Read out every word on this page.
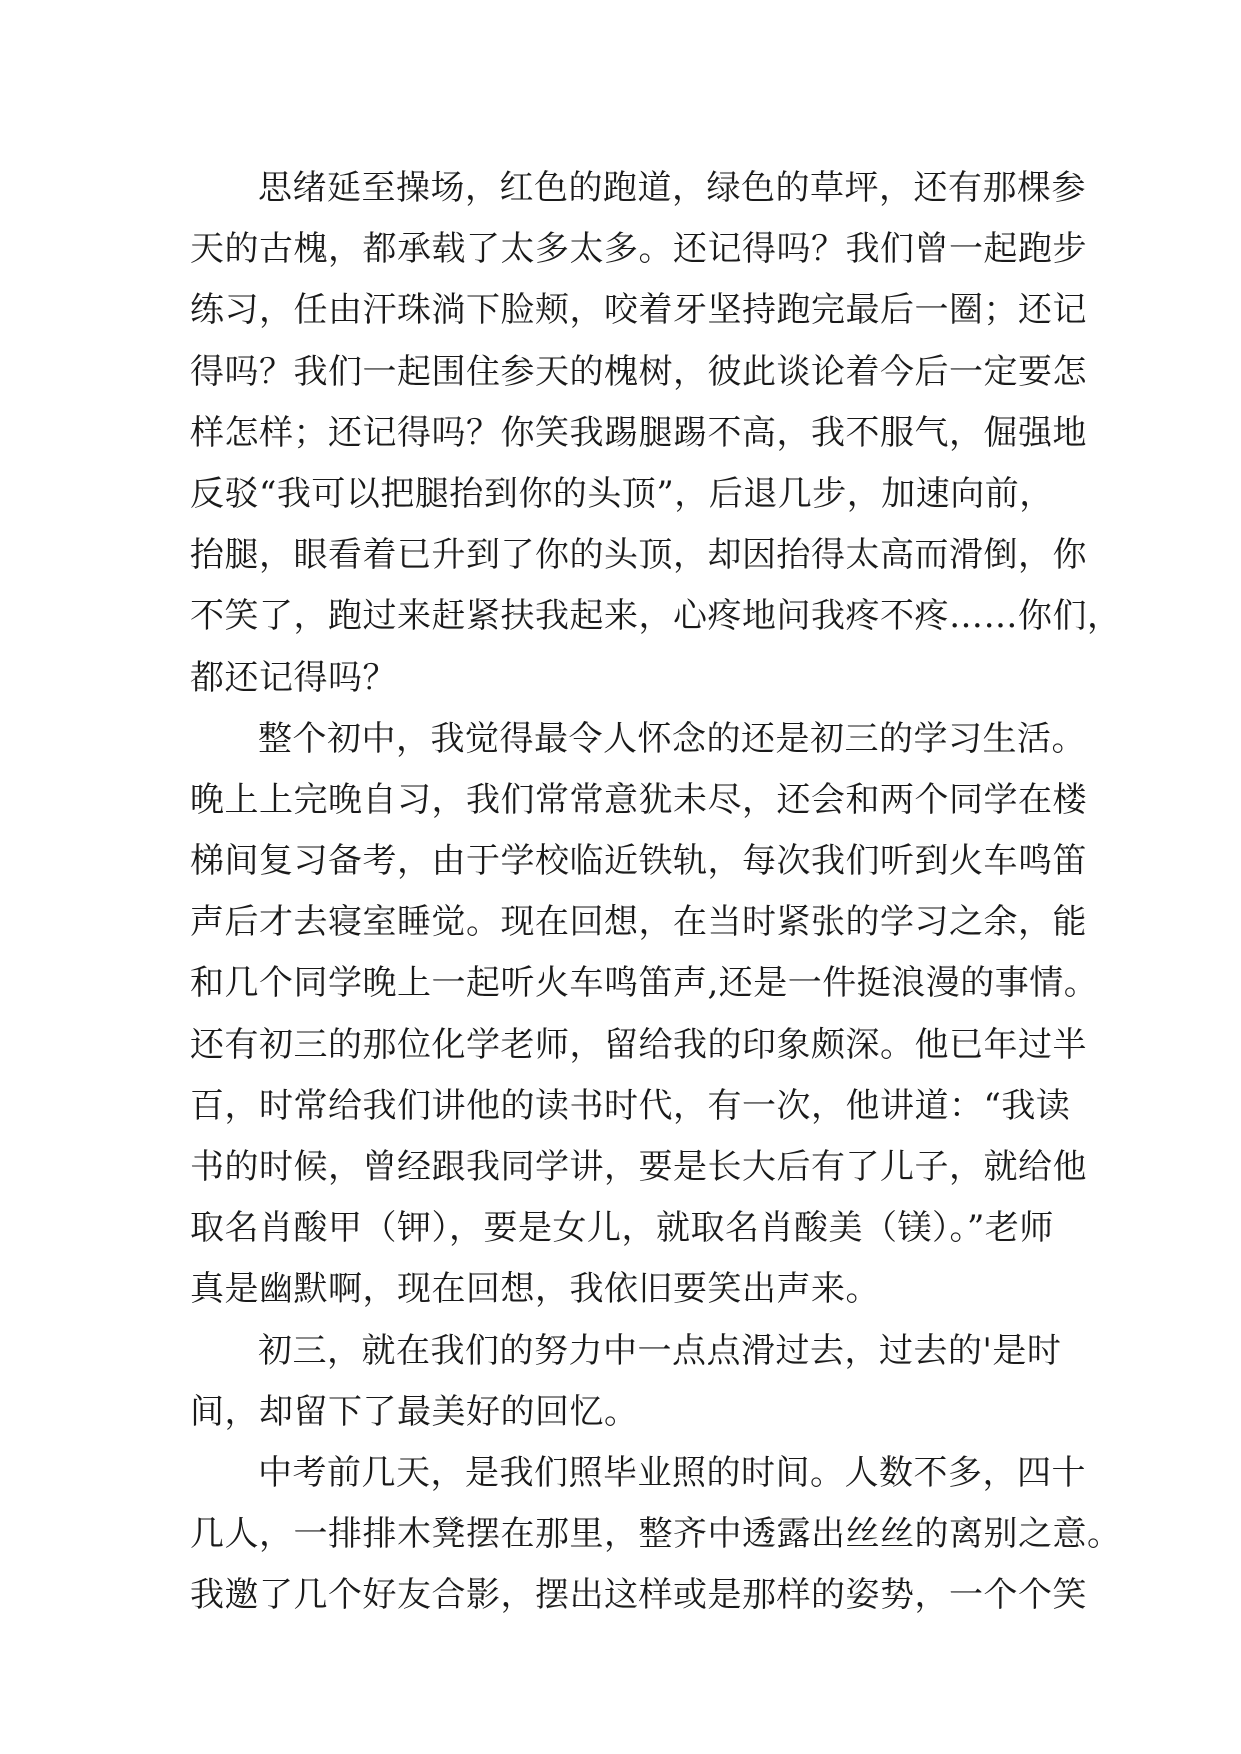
思绪延至操场，红色的跑道，绿色的草坪，还有那棵参
天的古槐，都承载了太多太多。还记得吗？我们曾一起跑步
练习，任由汗珠淌下脸颊，咬着牙坚持跑完最后一圈；还记
得吗？我们一起围住参天的槐树，彼此谈论着今后一定要怎
样怎样；还记得吗？你笑我踢腿踢不高，我不服气，倔强地
反驳“我可以把腿抬到你的头顶”，后退几步，加速向前，
抬腿，眼看着已升到了你的头顶，却因抬得太高而滑倒，你
不笑了，跑过来赶紧扶我起来，心疼地问我疼不疼……你们，
都还记得吗？
整个初中，我觉得最令人怀念的还是初三的学习生活。
晚上上完晚自习，我们常常意犹未尽，还会和两个同学在楼
梯间复习备考，由于学校临近铁轨，每次我们听到火车鸣笛
声后才去寝室睡觉。现在回想，在当时紧张的学习之余，能
和几个同学晚上一起听火车鸣笛声,还是一件挺浪漫的事情。
还有初三的那位化学老师，留给我的印象颇深。他已年过半
百，时常给我们讲他的读书时代，有一次，他讲道：“我读
书的时候，曾经跟我同学讲，要是长大后有了儿子，就给他
取名肖酸甲（钾），要是女儿，就取名肖酸美（镁）。”老师
真是幽默啊，现在回想，我依旧要笑出声来。
初三，就在我们的努力中一点点滑过去，过去的'是时
间，却留下了最美好的回忆。
中考前几天，是我们照毕业照的时间。人数不多，四十
几人，一排排木凳摆在那里，整齐中透露出丝丝的离别之意。
我邀了几个好友合影，摆出这样或是那样的姿势，一个个笑
